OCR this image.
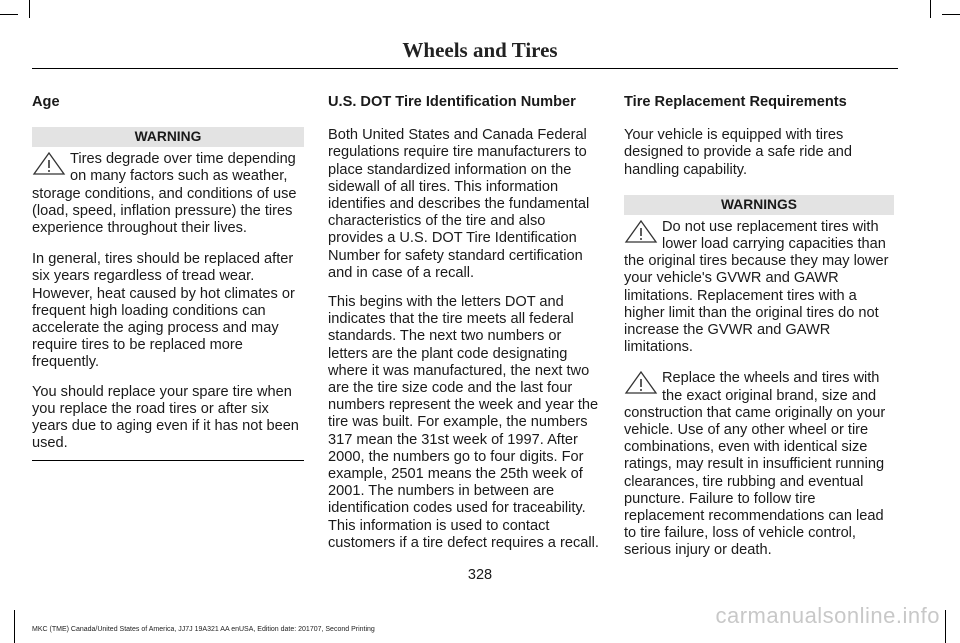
Wheels and Tires
Age
WARNING
Tires degrade over time depending on many factors such as weather, storage conditions, and conditions of use (load, speed, inflation pressure) the tires experience throughout their lives.

In general, tires should be replaced after six years regardless of tread wear. However, heat caused by hot climates or frequent high loading conditions can accelerate the aging process and may require tires to be replaced more frequently.

You should replace your spare tire when you replace the road tires or after six years due to aging even if it has not been used.

U.S. DOT Tire Identification Number

Both United States and Canada Federal regulations require tire manufacturers to place standardized information on the sidewall of all tires. This information identifies and describes the fundamental characteristics of the tire and also provides a U.S. DOT Tire Identification Number for safety standard certification and in case of a recall.

This begins with the letters DOT and indicates that the tire meets all federal standards. The next two numbers or letters are the plant code designating where it was manufactured, the next two are the tire size code and the last four numbers represent the week and year the tire was built. For example, the numbers 317 mean the 31st week of 1997. After 2000, the numbers go to four digits. For example, 2501 means the 25th week of 2001. The numbers in between are identification codes used for traceability. This information is used to contact customers if a tire defect requires a recall.

Tire Replacement Requirements

Your vehicle is equipped with tires designed to provide a safe ride and handling capability.

WARNINGS
Do not use replacement tires with lower load carrying capacities than the original tires because they may lower your vehicle's GVWR and GAWR limitations. Replacement tires with a higher limit than the original tires do not increase the GVWR and GAWR limitations.
Replace the wheels and tires with the exact original brand, size and construction that came originally on your vehicle. Use of any other wheel or tire combinations, even with identical size ratings, may result in insufficient running clearances, tire rubbing and eventual puncture. Failure to follow tire replacement recommendations can lead to tire failure, loss of vehicle control, serious injury or death.
328
MKC (TME) Canada/United States of America, JJ7J 19A321 AA enUSA, Edition date: 201707, Second Printing
carmanualsonline.info
